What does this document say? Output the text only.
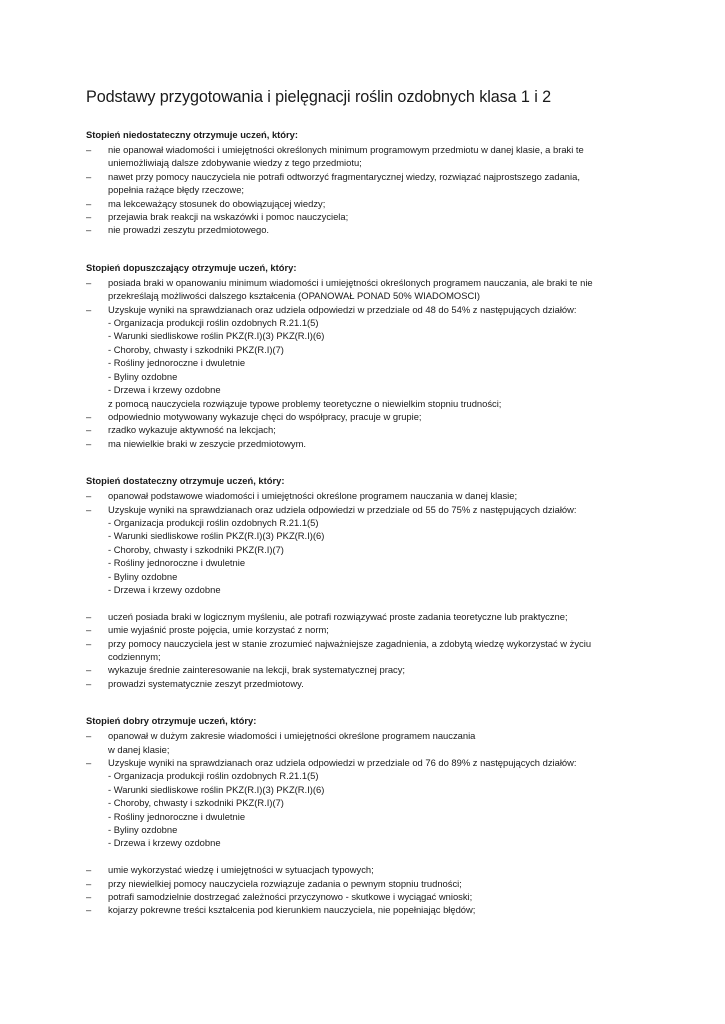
Podstawy przygotowania i pielęgnacji roślin ozdobnych klasa 1 i 2
Stopień niedostateczny otrzymuje uczeń, który:
– nie opanował wiadomości i umiejętności określonych minimum programowym przedmiotu w danej klasie, a braki te
uniemożliwiają dalsze zdobywanie wiedzy z tego przedmiotu;
– nawet przy pomocy nauczyciela nie potrafi odtworzyć fragmentarycznej wiedzy, rozwiązać najprostszego zadania,
popełnia rażące błędy rzeczowe;
– ma lekceważący stosunek do obowiązującej wiedzy;
– przejawia brak reakcji na wskazówki i pomoc nauczyciela;
– nie prowadzi zeszytu przedmiotowego.
Stopień dopuszczający otrzymuje uczeń, który:
– posiada braki w opanowaniu minimum wiadomości i umiejętności określonych programem nauczania, ale braki te nie
przekreślają możliwości dalszego kształcenia (OPANOWAŁ PONAD 50% WIADOMOSCI)
– Uzyskuje wyniki na sprawdzianach oraz udziela odpowiedzi w przedziale od 48 do 54% z następujących działów:
- Organizacja produkcji roślin ozdobnych R.21.1(5)
- Warunki siedliskowe roślin PKZ(R.I)(3) PKZ(R.I)(6)
- Choroby, chwasty i szkodniki PKZ(R.I)(7)
- Rośliny jednoroczne i dwuletnie
- Byliny ozdobne
- Drzewa i krzewy ozdobne
z pomocą nauczyciela rozwiązuje typowe problemy teoretyczne o niewielkim stopniu trudności;
– odpowiednio motywowany wykazuje chęci do współpracy, pracuje w grupie;
– rzadko wykazuje aktywność na lekcjach;
– ma niewielkie braki w zeszycie przedmiotowym.
Stopień dostateczny otrzymuje uczeń, który:
– opanował podstawowe wiadomości i umiejętności określone programem nauczania w danej klasie;
– Uzyskuje wyniki na sprawdzianach oraz udziela odpowiedzi w przedziale od 55 do 75% z następujących działów:
- Organizacja produkcji roślin ozdobnych R.21.1(5)
- Warunki siedliskowe roślin PKZ(R.I)(3) PKZ(R.I)(6)
- Choroby, chwasty i szkodniki PKZ(R.I)(7)
- Rośliny jednoroczne i dwuletnie
- Byliny ozdobne
- Drzewa i krzewy ozdobne
– uczeń posiada braki w logicznym myśleniu, ale potrafi rozwiązywać proste zadania teoretyczne lub praktyczne;
– umie wyjaśnić proste pojęcia, umie korzystać z norm;
– przy pomocy nauczyciela jest w stanie zrozumieć najważniejsze zagadnienia, a zdobytą wiedzę wykorzystać w życiu
codziennym;
– wykazuje średnie zainteresowanie na lekcji, brak systematycznej pracy;
– prowadzi systematycznie zeszyt przedmiotowy.
Stopień dobry otrzymuje uczeń, który:
– opanował w dużym zakresie wiadomości i umiejętności określone programem nauczania
w danej klasie;
– Uzyskuje wyniki na sprawdzianach oraz udziela odpowiedzi w przedziale od 76 do 89% z następujących działów:
- Organizacja produkcji roślin ozdobnych R.21.1(5)
- Warunki siedliskowe roślin PKZ(R.I)(3) PKZ(R.I)(6)
- Choroby, chwasty i szkodniki PKZ(R.I)(7)
- Rośliny jednoroczne i dwuletnie
- Byliny ozdobne
- Drzewa i krzewy ozdobne
– umie wykorzystać wiedzę i umiejętności w sytuacjach typowych;
– przy niewielkiej pomocy nauczyciela rozwiązuje zadania o pewnym stopniu trudności;
– potrafi samodzielnie dostrzegać zależności przyczynowo - skutkowe i wyciągać wnioski;
– kojarzy pokrewne treści kształcenia pod kierunkiem nauczyciela, nie popełniając błędów;
